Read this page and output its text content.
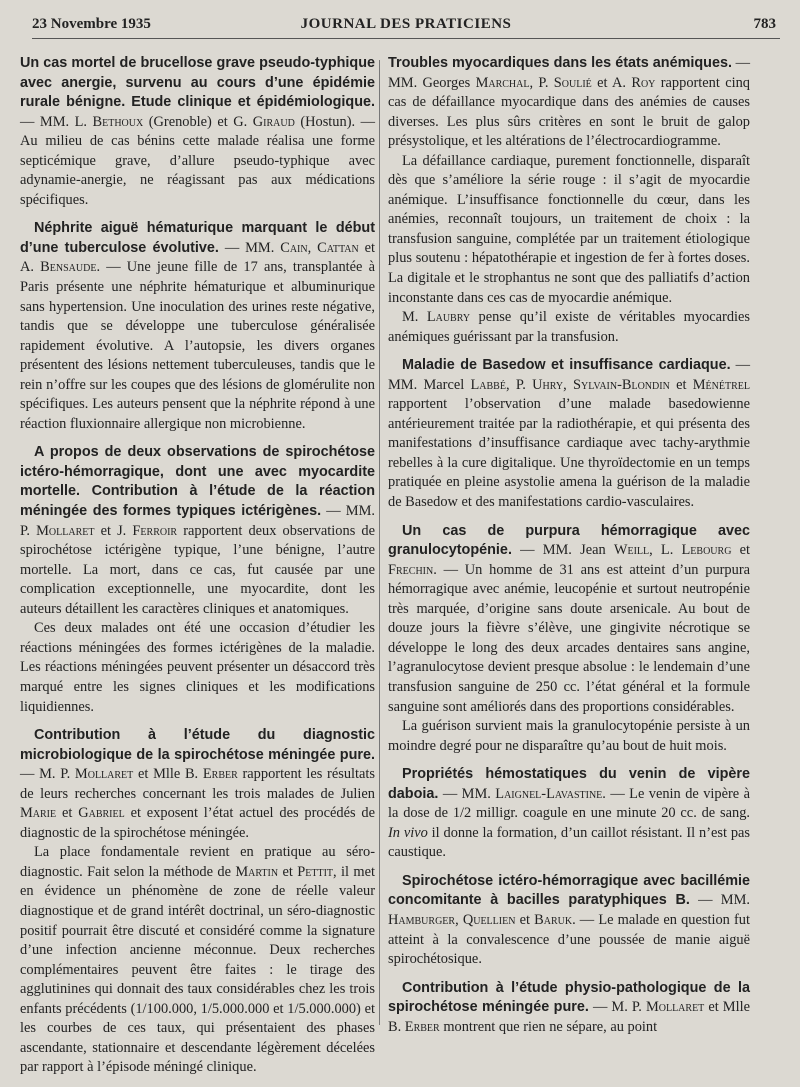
23 Novembre 1935	JOURNAL DES PRATICIENS	783

Un cas mortel de brucellose grave pseudo-typhique avec anergie, survenu au cours d’une épidémie rurale bénigne. Etude clinique et épidémiologique. — MM. L. Bethoux (Grenoble) et G. Giraud (Hostun). — Au milieu de cas bénins cette malade réalisa une forme septicémique grave, d’allure pseudo-typhique avec adynamie-anergie, ne réagissant pas aux médications spécifiques.

Néphrite aiguë hématurique marquant le début d’une tuberculose évolutive. — MM. Cain, Cattan et A. Bensaude. — Une jeune fille de 17 ans, transplantée à Paris présente une néphrite hématurique et albuminurique sans hypertension. Une inoculation des urines reste négative, tandis que se développe une tuberculose généralisée rapidement évolutive. A l’autopsie, les divers organes présentent des lésions nettement tuberculeuses, tandis que le rein n’offre sur les coupes que des lésions de glomérulite non spécifiques. Les auteurs pensent que la néphrite répond à une réaction fluxionnaire allergique non microbienne.

A propos de deux observations de spirochétose ictéro-hémorragique, dont une avec myocardite mortelle. Contribution à l’étude de la réaction méningée des formes typiques ictérigènes. — MM. P. Mollaret et J. Ferroir rapportent deux observations de spirochétose ictérigène typique, l’une bénigne, l’autre mortelle. La mort, dans ce cas, fut causée par une complication exceptionnelle, une myocardite, dont les auteurs détaillent les caractères cliniques et anatomiques.

Ces deux malades ont été une occasion d’étudier les réactions méningées des formes ictérigènes de la maladie. Les réactions méningées peuvent présenter un désaccord très marqué entre les signes cliniques et les modifications liquidiennes.

Contribution à l’étude du diagnostic microbiologique de la spirochétose méningée pure. — M. P. Mollaret et Mlle B. Erber rapportent les résultats de leurs recherches concernant les trois malades de Julien Marie et Gabriel et exposent l’état actuel des procédés de diagnostic de la spirochétose méningée.

La place fondamentale revient en pratique au séro-diagnostic. Fait selon la méthode de Martin et Pettit, il met en évidence un phénomène de zone de réelle valeur diagnostique et de grand intérêt doctrinal, un séro-diagnostic positif pourrait être discuté et considéré comme la signature d’une infection ancienne méconnue. Deux recherches complémentaires peuvent être faites : le tirage des agglutinines qui donnait des taux considérables chez les trois enfants précédents (1/100.000, 1/5.000.000 et 1/5.000.000) et les courbes de ces taux, qui présentaient des phases ascendante, stationnaire et descendante légèrement décelées par rapport à l’épisode méningé clinique.

Troubles myocardiques dans les états anémiques. — MM. Georges Marchal, P. Soulié et A. Roy rapportent cinq cas de défaillance myocardique dans des anémies de causes diverses. Les plus sûrs critères en sont le bruit de galop présystolique, et les altérations de l’électrocardiogramme.

La défaillance cardiaque, purement fonctionnelle, disparaît dès que s’améliore la série rouge : il s’agit de myocardie anémique. L’insuffisance fonctionnelle du cœur, dans les anémies, reconnaît toujours, un traitement de choix : la transfusion sanguine, complétée par un traitement étiologique plus soutenu : hépatothérapie et ingestion de fer à fortes doses. La digitale et le strophantus ne sont que des palliatifs d’action inconstante dans ces cas de myocardie anémique.

M. Laubry pense qu’il existe de véritables myocardies anémiques guérissant par la transfusion.

Maladie de Basedow et insuffisance cardiaque. — MM. Marcel Labbé, P. Uhry, Sylvain-Blondin et Ménétrel rapportent l’observation d’une malade basedowienne antérieurement traitée par la radiothérapie, et qui présenta des manifestations d’insuffisance cardiaque avec tachy-arythmie rebelles à la cure digitalique. Une thyroïdectomie en un temps pratiquée en pleine asystolie amena la guérison de la maladie de Basedow et des manifestations cardio-vasculaires.

Un cas de purpura hémorragique avec granulocytopénie. — MM. Jean Weill, L. Lebourg et Frechin. — Un homme de 31 ans est atteint d’un purpura hémorragique avec anémie, leucopénie et surtout neutropénie très marquée, d’origine sans doute arsenicale. Au bout de douze jours la fièvre s’élève, une gingivite nécrotique se développe le long des deux arcades dentaires sans angine, l’agranulocytose devient presque absolue : le lendemain d’une transfusion sanguine de 250 cc. l’état général et la formule sanguine sont améliorés dans des proportions considérables.

La guérison survient mais la granulocytopénie persiste à un moindre degré pour ne disparaître qu’au bout de huit mois.

Propriétés hémostatiques du venin de vipère daboia. — MM. Laignel-Lavastine. — Le venin de vipère à la dose de 1/2 milligr. coagule en une minute 20 cc. de sang. In vivo il donne la formation, d’un caillot résistant. Il n’est pas caustique.

Spirochétose ictéro-hémorragique avec bacillémie concomitante à bacilles paratyphiques B. — MM. Hamburger, Quellien et Baruk. — Le malade en question fut atteint à la convalescence d’une poussée de manie aiguë spirochétosique.

Contribution à l’étude physio-pathologique de la spirochétose méningée pure. — M. P. Mollaret et Mlle B. Erber montrent que rien ne sépare, au point
